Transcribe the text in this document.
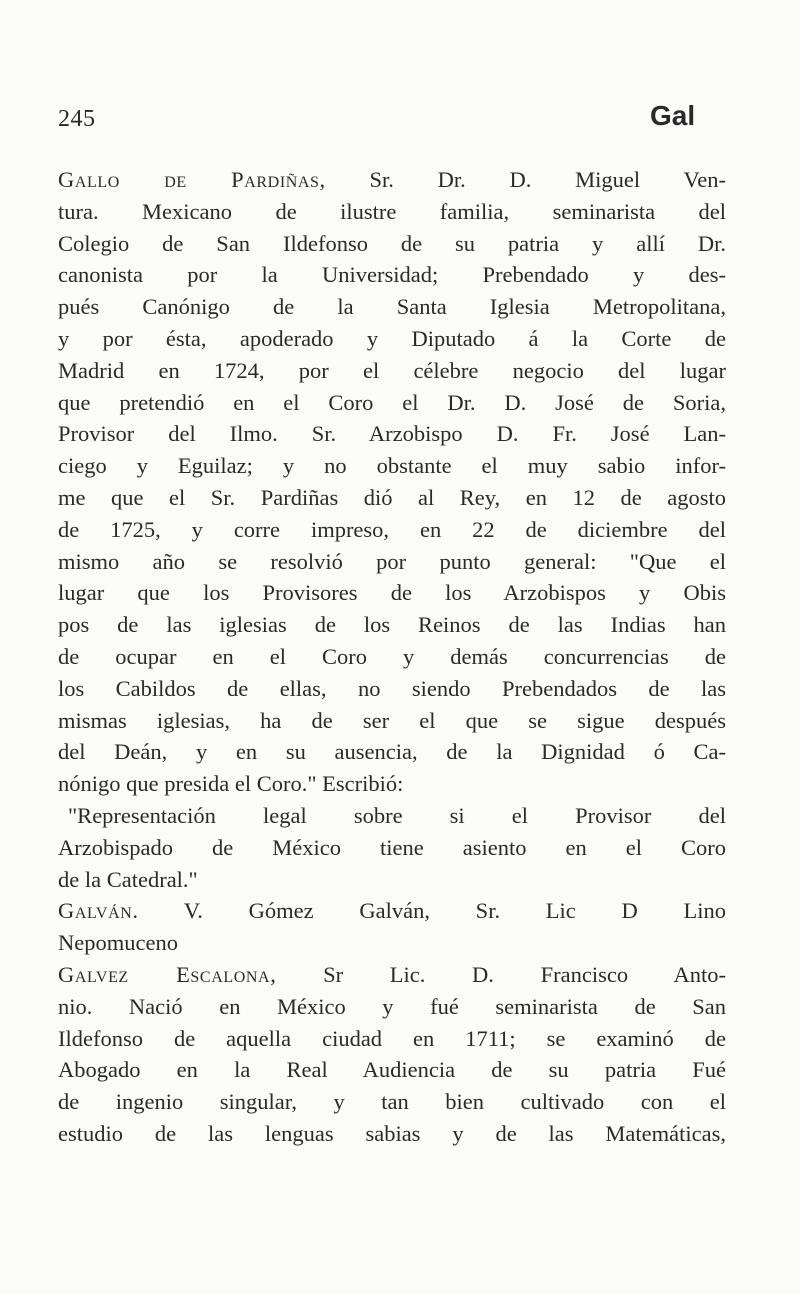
245	Gal
Gallo de Pardiñas, Sr. Dr. D. Miguel Ven-
tura. Mexicano de ilustre familia, seminarista del
Colegio de San Ildefonso de su patria y allí Dr.
canonista por la Universidad; Prebendado y des-
pués Canónigo de la Santa Iglesia Metropolitana,
y por ésta, apoderado y Diputado á la Corte de
Madrid en 1724, por el célebre negocio del lugar
que pretendió en el Coro el Dr. D. José de Soria,
Provisor del Ilmo. Sr. Arzobispo D. Fr. José Lan-
ciego y Eguilaz; y no obstante el muy sabio infor-
me que el Sr. Pardiñas dió al Rey, en 12 de agosto
de 1725, y corre impreso, en 22 de diciembre del
mismo año se resolvió por punto general: "Que el
lugar que los Provisores de los Arzobispos y Obis
pos de las iglesias de los Reinos de las Indias han
de ocupar en el Coro y demás concurrencias de
los Cabildos de ellas, no siendo Prebendados de las
mismas iglesias, ha de ser el que se sigue después
del Deán, y en su ausencia, de la Dignidad ó Ca-
nónigo que presida el Coro." Escribió:
"Representación legal sobre si el Provisor del
Arzobispado de México tiene asiento en el Coro
de la Catedral."
Galván. V. Gómez Galván, Sr. Lic D Lino
Nepomuceno
Galvez Escalona, Sr Lic. D. Francisco Anto-
nio. Nació en México y fué seminarista de San
Ildefonso de aquella ciudad en 1711; se examinó de
Abogado en la Real Audiencia de su patria Fué
de ingenio singular, y tan bien cultivado con el
estudio de las lenguas sabias y de las Matemáticas,
